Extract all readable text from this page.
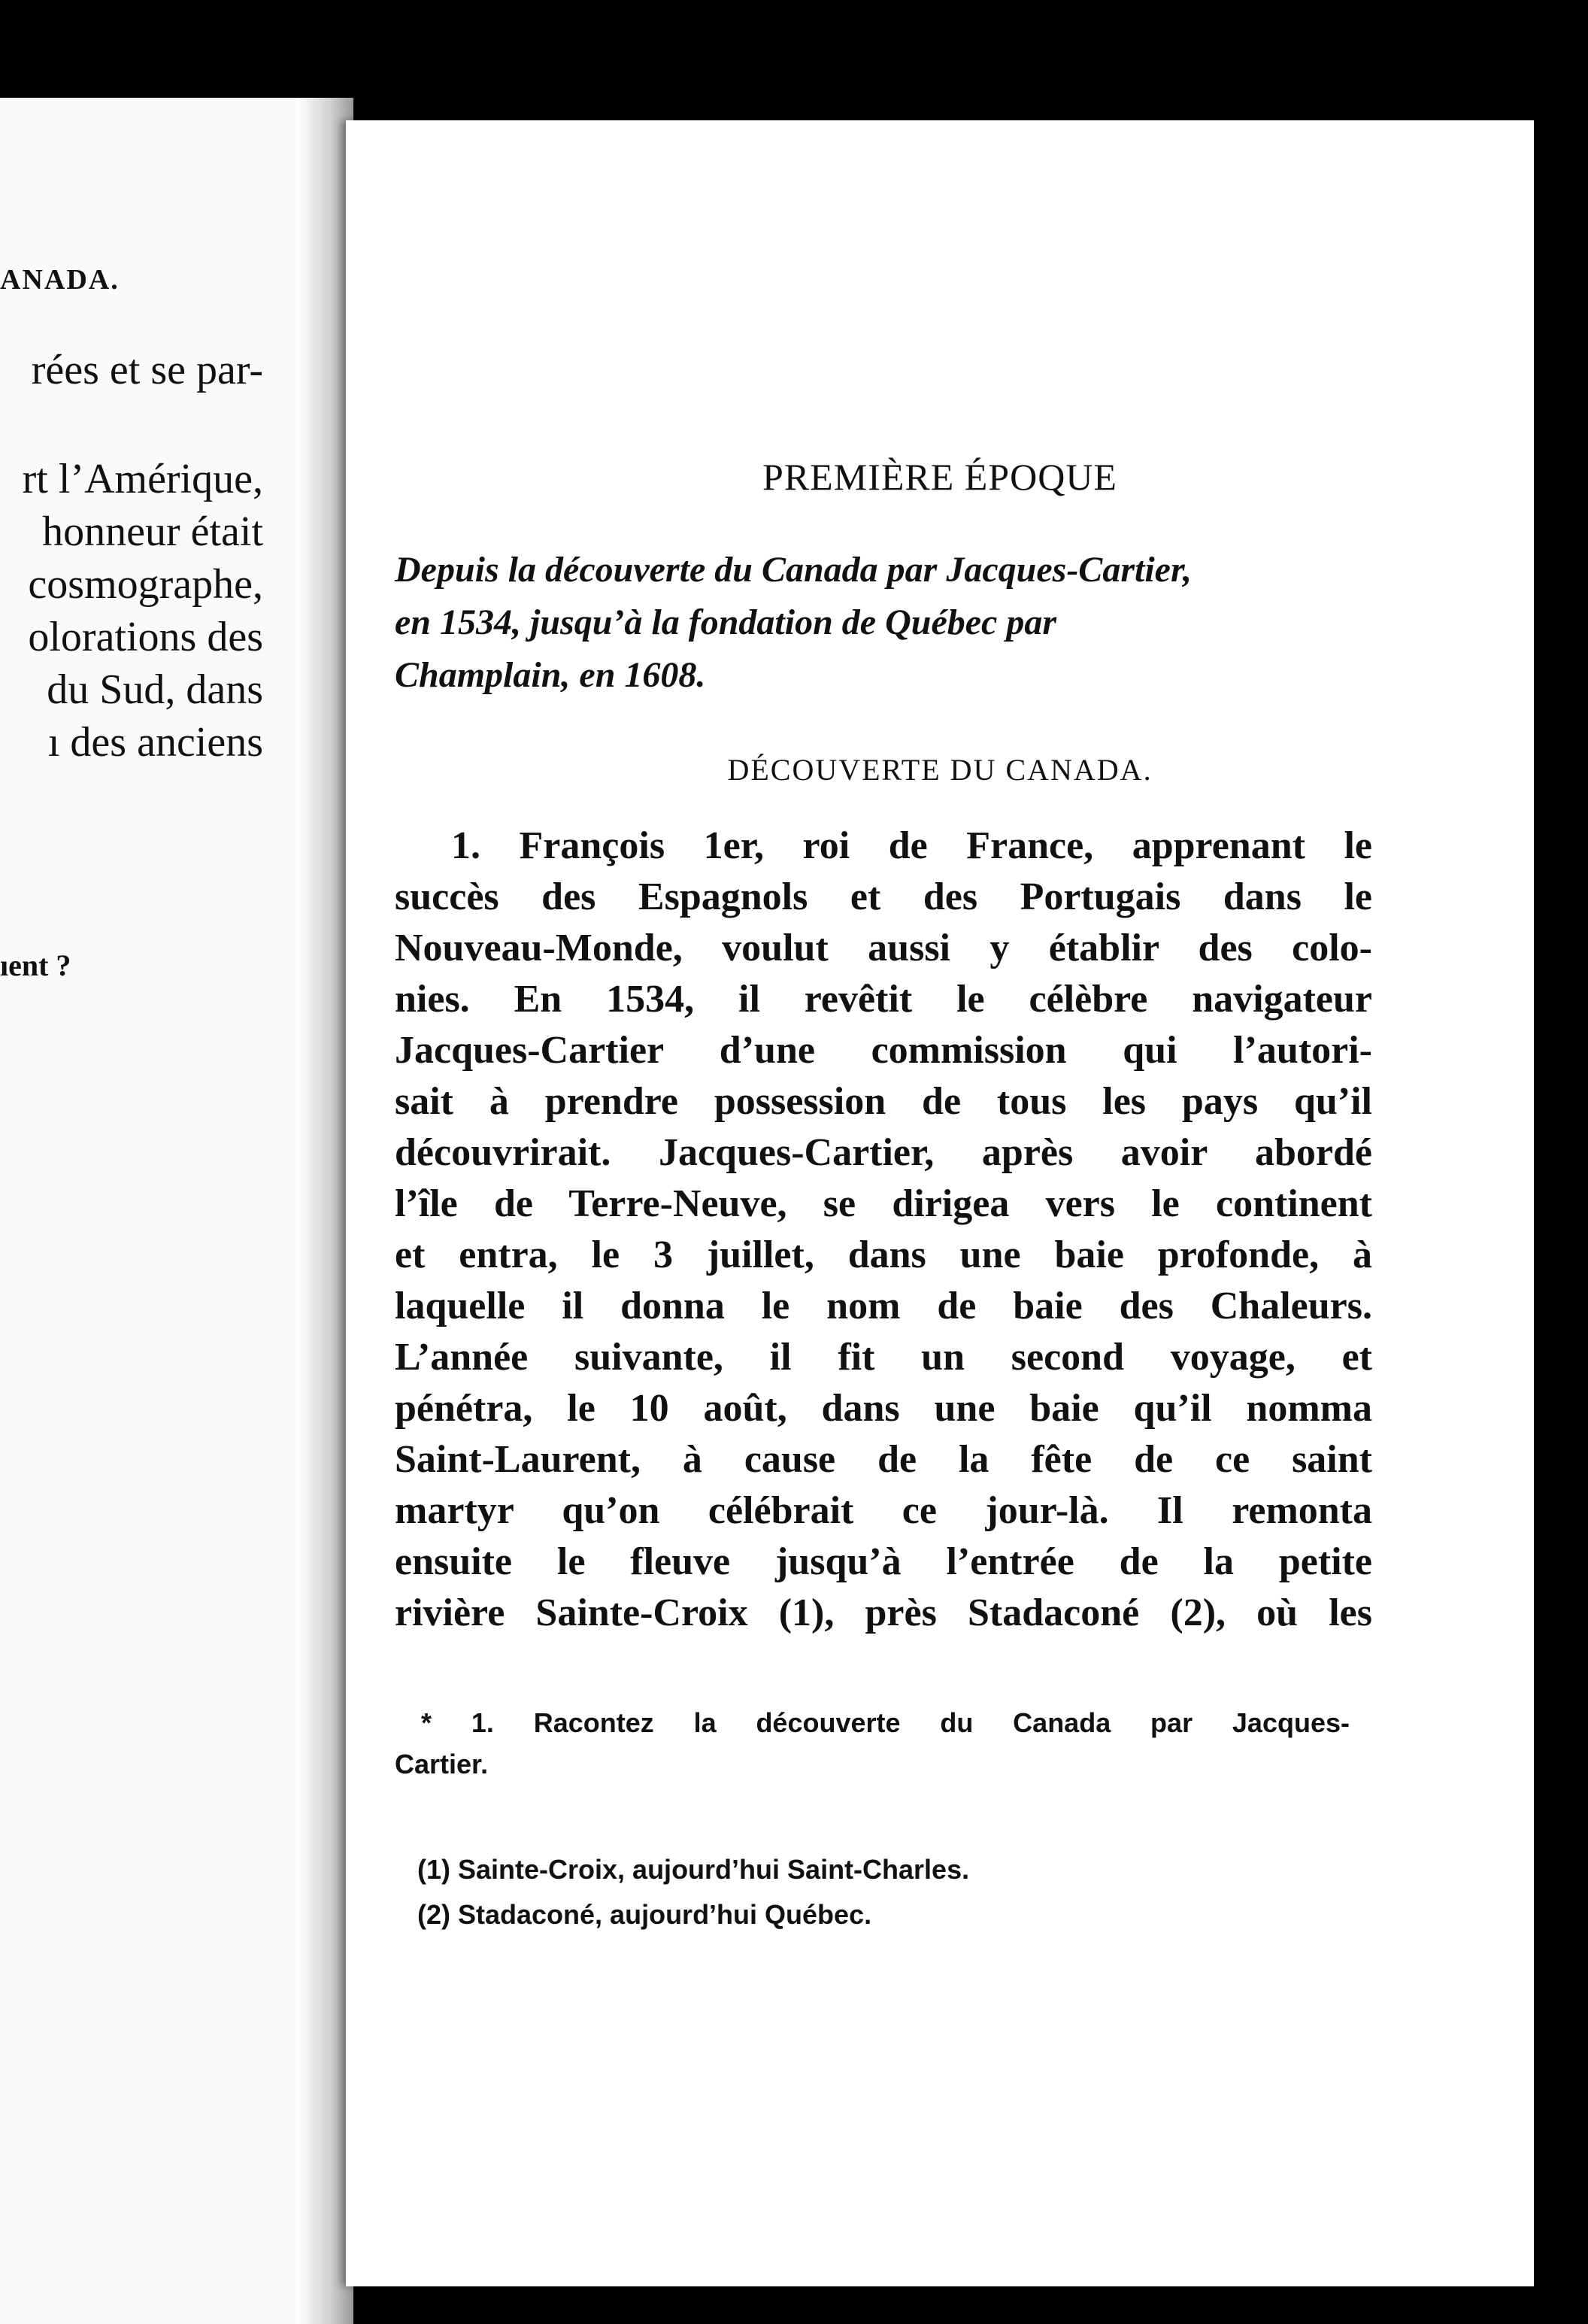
ANADA.
rées et se par-
rt l’Amérique,
honneur était
cosmographe,
olorations des
du Sud, dans
ı des anciens
ıent ?
PREMIÈRE ÉPOQUE
Depuis la découverte du Canada par Jacques-Cartier,
en 1534, jusqu’à la fondation de Québec par
Champlain, en 1608.
DÉCOUVERTE DU CANADA.
1. François 1er, roi de France, apprenant le
succès des Espagnols et des Portugais dans le
Nouveau-Monde, voulut aussi y établir des colo-
nies. En 1534, il revêtit le célèbre navigateur
Jacques-Cartier d’une commission qui l’autori-
sait à prendre possession de tous les pays qu’il
découvrirait. Jacques-Cartier, après avoir abordé
l’île de Terre-Neuve, se dirigea vers le continent
et entra, le 3 juillet, dans une baie profonde, à
laquelle il donna le nom de baie des Chaleurs.
L’année suivante, il fit un second voyage, et
pénétra, le 10 août, dans une baie qu’il nomma
Saint-Laurent, à cause de la fête de ce saint
martyr qu’on célébrait ce jour-là. Il remonta
ensuite le fleuve jusqu’à l’entrée de la petite
rivière Sainte-Croix (1), près Stadaconé (2), où les
* 1. Racontez la découverte du Canada par Jacques-
Cartier.
(1) Sainte-Croix, aujourd’hui Saint-Charles.
(2) Stadaconé, aujourd’hui Québec.
